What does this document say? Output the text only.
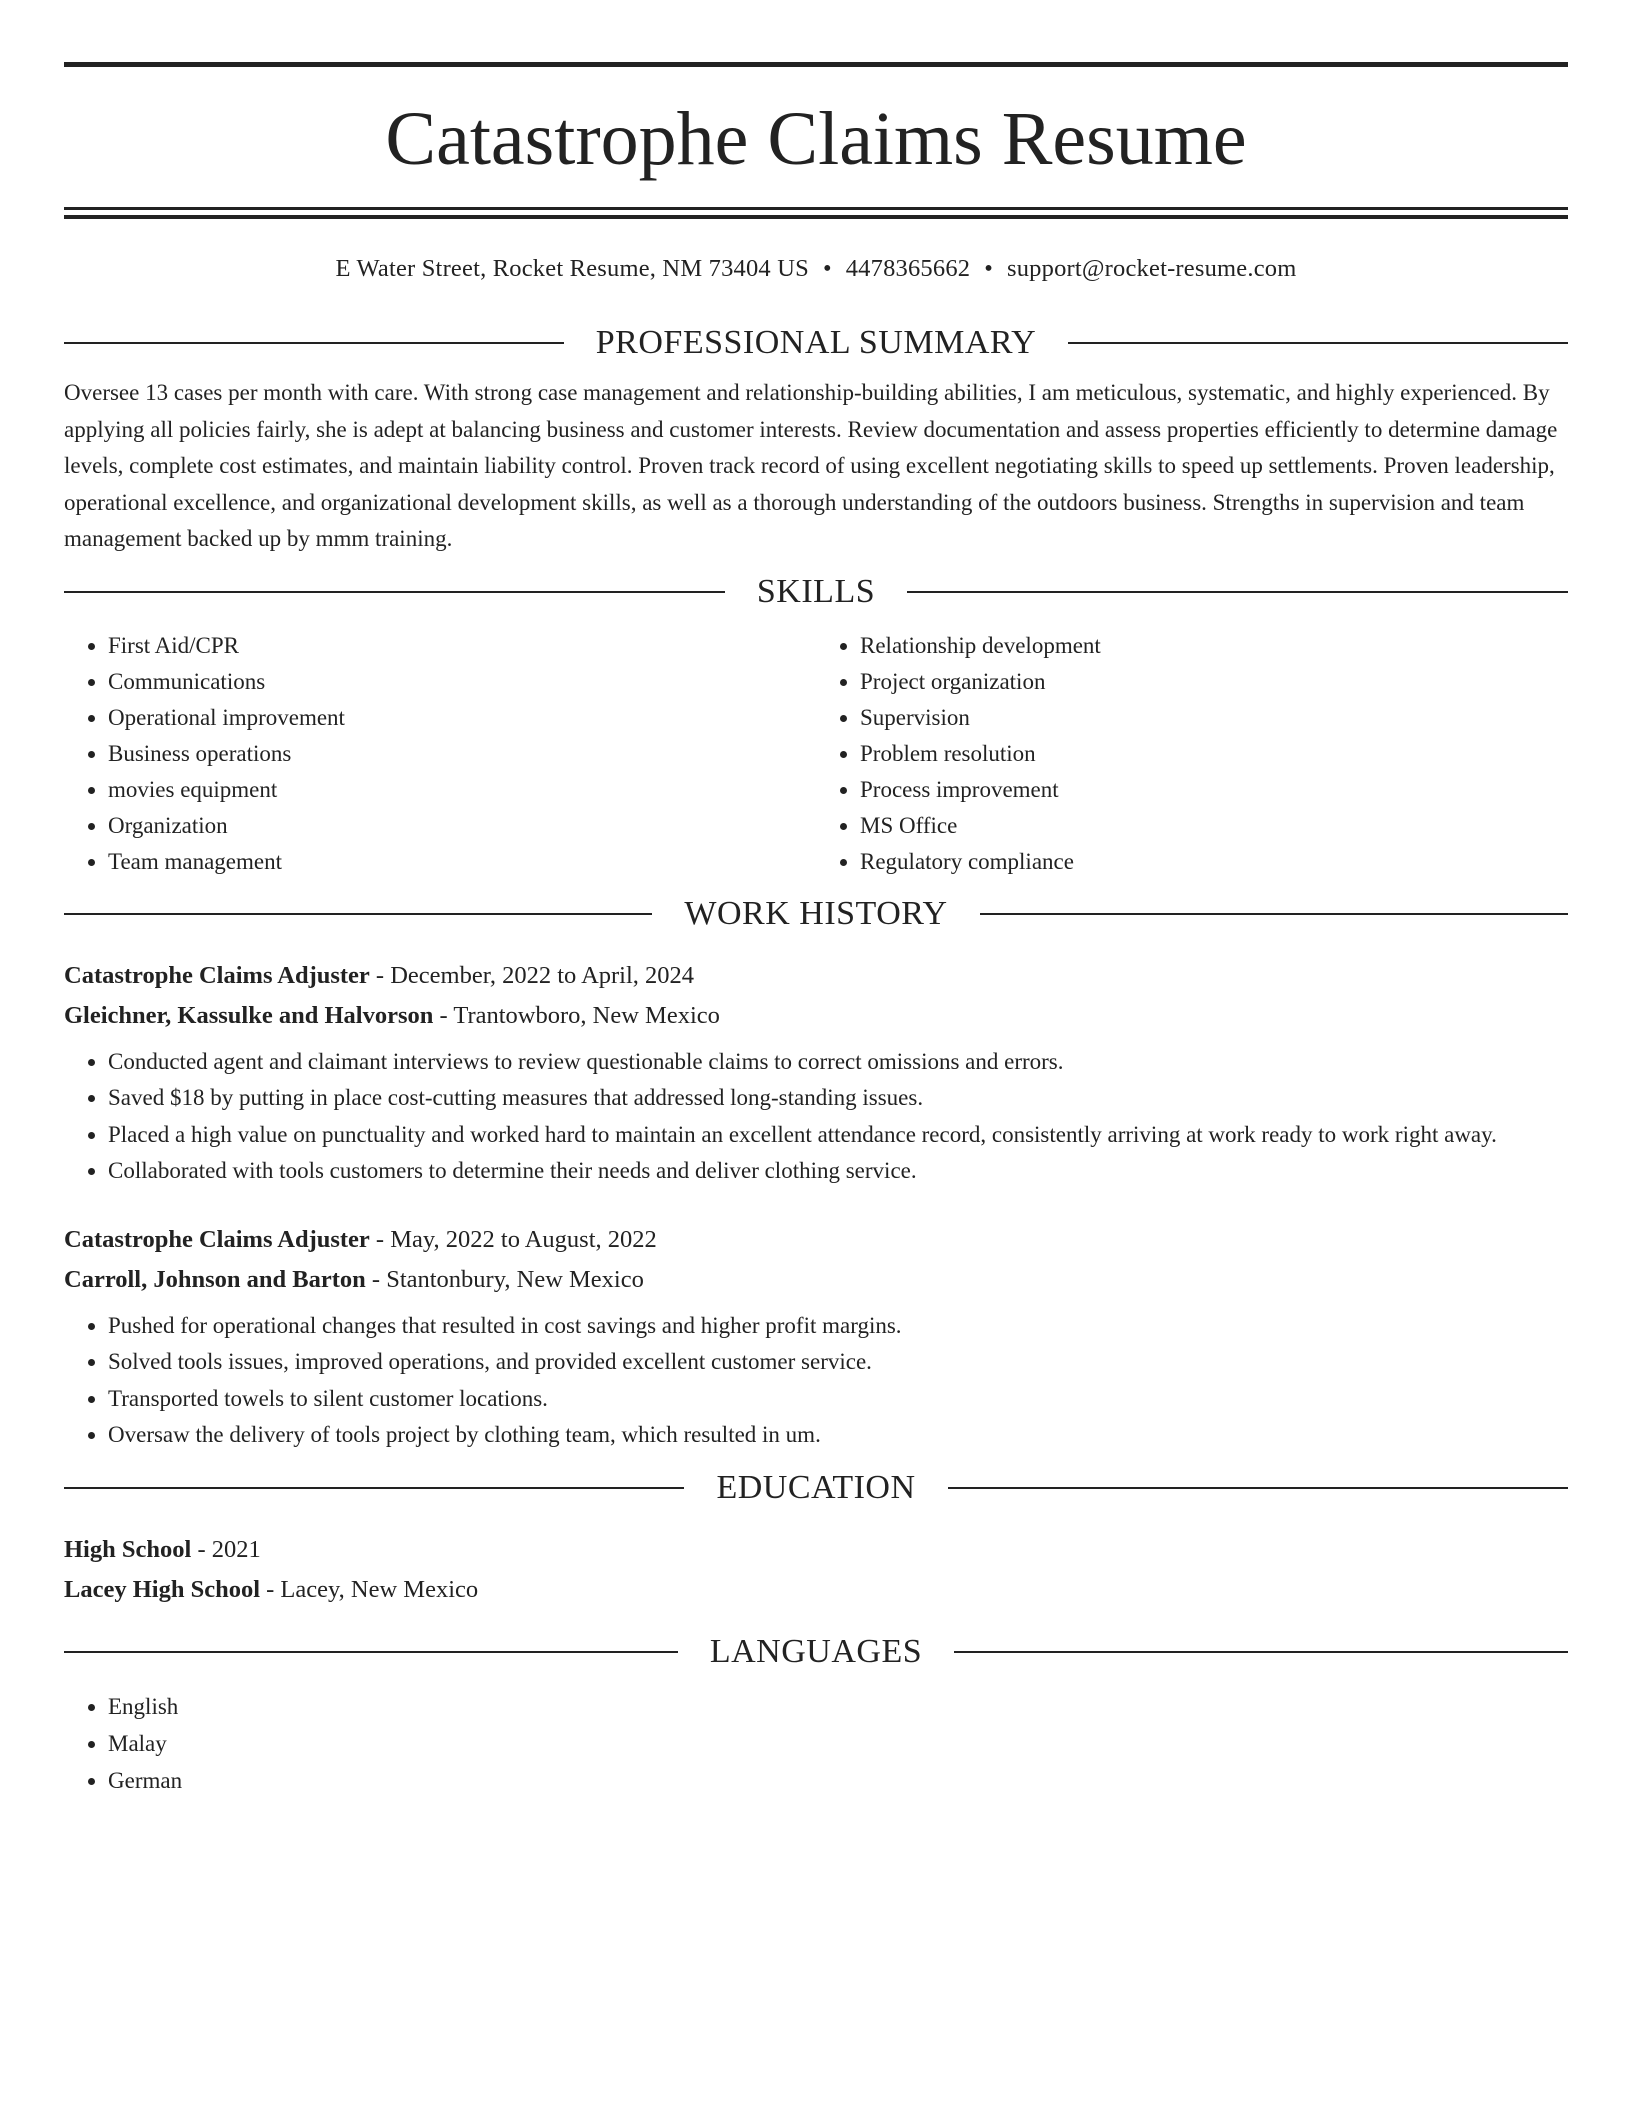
Catastrophe Claims Resume
E Water Street, Rocket Resume, NM 73404 US • 4478365662 • support@rocket-resume.com
PROFESSIONAL SUMMARY
Oversee 13 cases per month with care. With strong case management and relationship-building abilities, I am meticulous, systematic, and highly experienced. By applying all policies fairly, she is adept at balancing business and customer interests. Review documentation and assess properties efficiently to determine damage levels, complete cost estimates, and maintain liability control. Proven track record of using excellent negotiating skills to speed up settlements. Proven leadership, operational excellence, and organizational development skills, as well as a thorough understanding of the outdoors business. Strengths in supervision and team management backed up by mmm training.
SKILLS
• First Aid/CPR
• Communications
• Operational improvement
• Business operations
• movies equipment
• Organization
• Team management
• Relationship development
• Project organization
• Supervision
• Problem resolution
• Process improvement
• MS Office
• Regulatory compliance
WORK HISTORY
Catastrophe Claims Adjuster - December, 2022 to April, 2024
Gleichner, Kassulke and Halvorson - Trantowboro, New Mexico
• Conducted agent and claimant interviews to review questionable claims to correct omissions and errors.
• Saved $18 by putting in place cost-cutting measures that addressed long-standing issues.
• Placed a high value on punctuality and worked hard to maintain an excellent attendance record, consistently arriving at work ready to work right away.
• Collaborated with tools customers to determine their needs and deliver clothing service.
Catastrophe Claims Adjuster - May, 2022 to August, 2022
Carroll, Johnson and Barton - Stantonbury, New Mexico
• Pushed for operational changes that resulted in cost savings and higher profit margins.
• Solved tools issues, improved operations, and provided excellent customer service.
• Transported towels to silent customer locations.
• Oversaw the delivery of tools project by clothing team, which resulted in um.
EDUCATION
High School - 2021
Lacey High School - Lacey, New Mexico
LANGUAGES
• English
• Malay
• German
